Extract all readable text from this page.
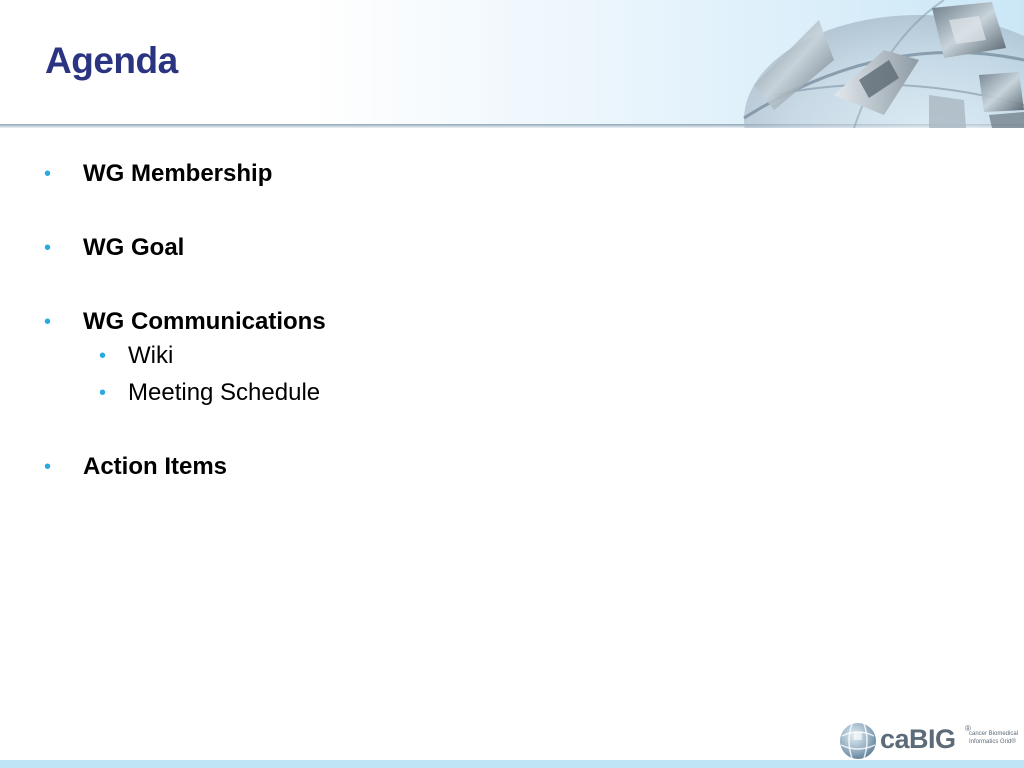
Agenda
• WG Membership
• WG Goal
• WG Communications
• Wiki
• Meeting Schedule
• Action Items
caBIG ®
cancer Biomedical Informatics Grid®
